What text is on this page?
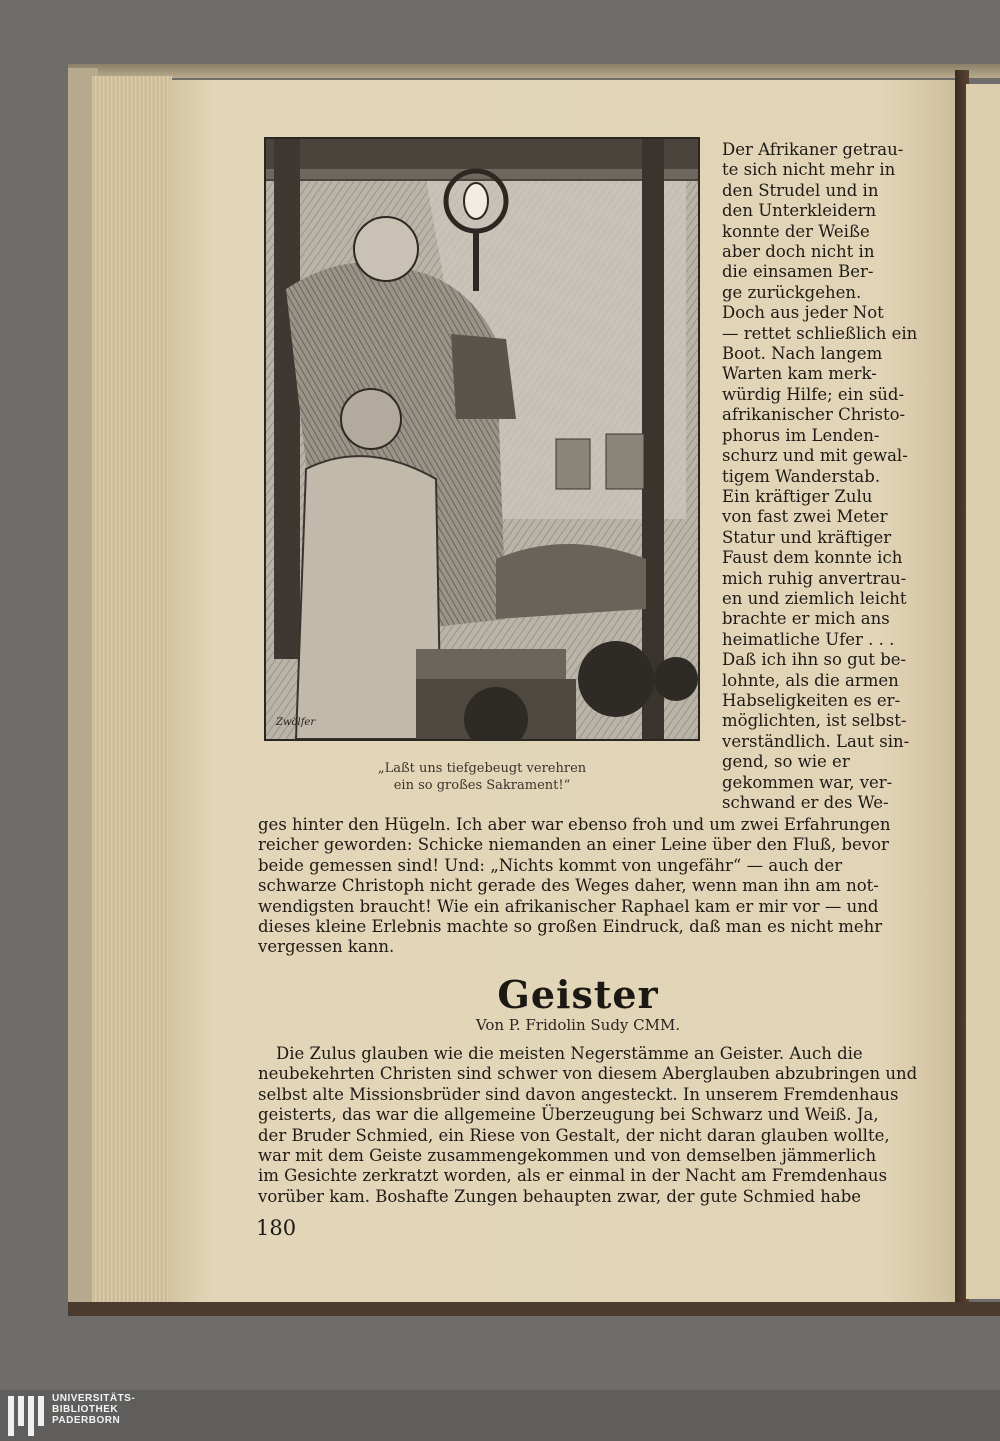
Zwölfer
„Laßt uns tiefgebeugt verehren
ein so großes Sakrament!“
Der Afrikaner getrau-
te sich nicht mehr in
den Strudel und in
den Unterkleidern
konnte der Weiße
aber doch nicht in
die einsamen Ber-
ge zurückgehen.
Doch aus jeder Not
— rettet schließlich ein
Boot. Nach langem
Warten kam merk-
würdig Hilfe; ein süd-
afrikanischer Christo-
phorus im Lenden-
schurz und mit gewal-
tigem Wanderstab.
Ein kräftiger Zulu
von fast zwei Meter
Statur und kräftiger
Faust dem konnte ich
mich ruhig anvertrau-
en und ziemlich leicht
brachte er mich ans
heimatliche Ufer . . .
Daß ich ihn so gut be-
lohnte, als die armen
Habseligkeiten es er-
möglichten, ist selbst-
verständlich. Laut sin-
gend, so wie er
gekommen war, ver-
schwand er des We-
ges hinter den Hügeln. Ich aber war ebenso froh und um zwei Erfahrungen
reicher geworden: Schicke niemanden an einer Leine über den Fluß, bevor
beide gemessen sind! Und: „Nichts kommt von ungefähr“ — auch der
schwarze Christoph nicht gerade des Weges daher, wenn man ihn am not-
wendigsten braucht! Wie ein afrikanischer Raphael kam er mir vor — und
dieses kleine Erlebnis machte so großen Eindruck, daß man es nicht mehr
vergessen kann.
Geister
Von P. Fridolin Sudy CMM.
Die Zulus glauben wie die meisten Negerstämme an Geister. Auch die
neubekehrten Christen sind schwer von diesem Aberglauben abzubringen und
selbst alte Missionsbrüder sind davon angesteckt. In unserem Fremdenhaus
geisterts, das war die allgemeine Überzeugung bei Schwarz und Weiß. Ja,
der Bruder Schmied, ein Riese von Gestalt, der nicht daran glauben wollte,
war mit dem Geiste zusammengekommen und von demselben jämmerlich
im Gesichte zerkratzt worden, als er einmal in der Nacht am Fremdenhaus
vorüber kam. Boshafte Zungen behaupten zwar, der gute Schmied habe
180
UNIVERSITÄTS-
BIBLIOTHEK
PADERBORN
